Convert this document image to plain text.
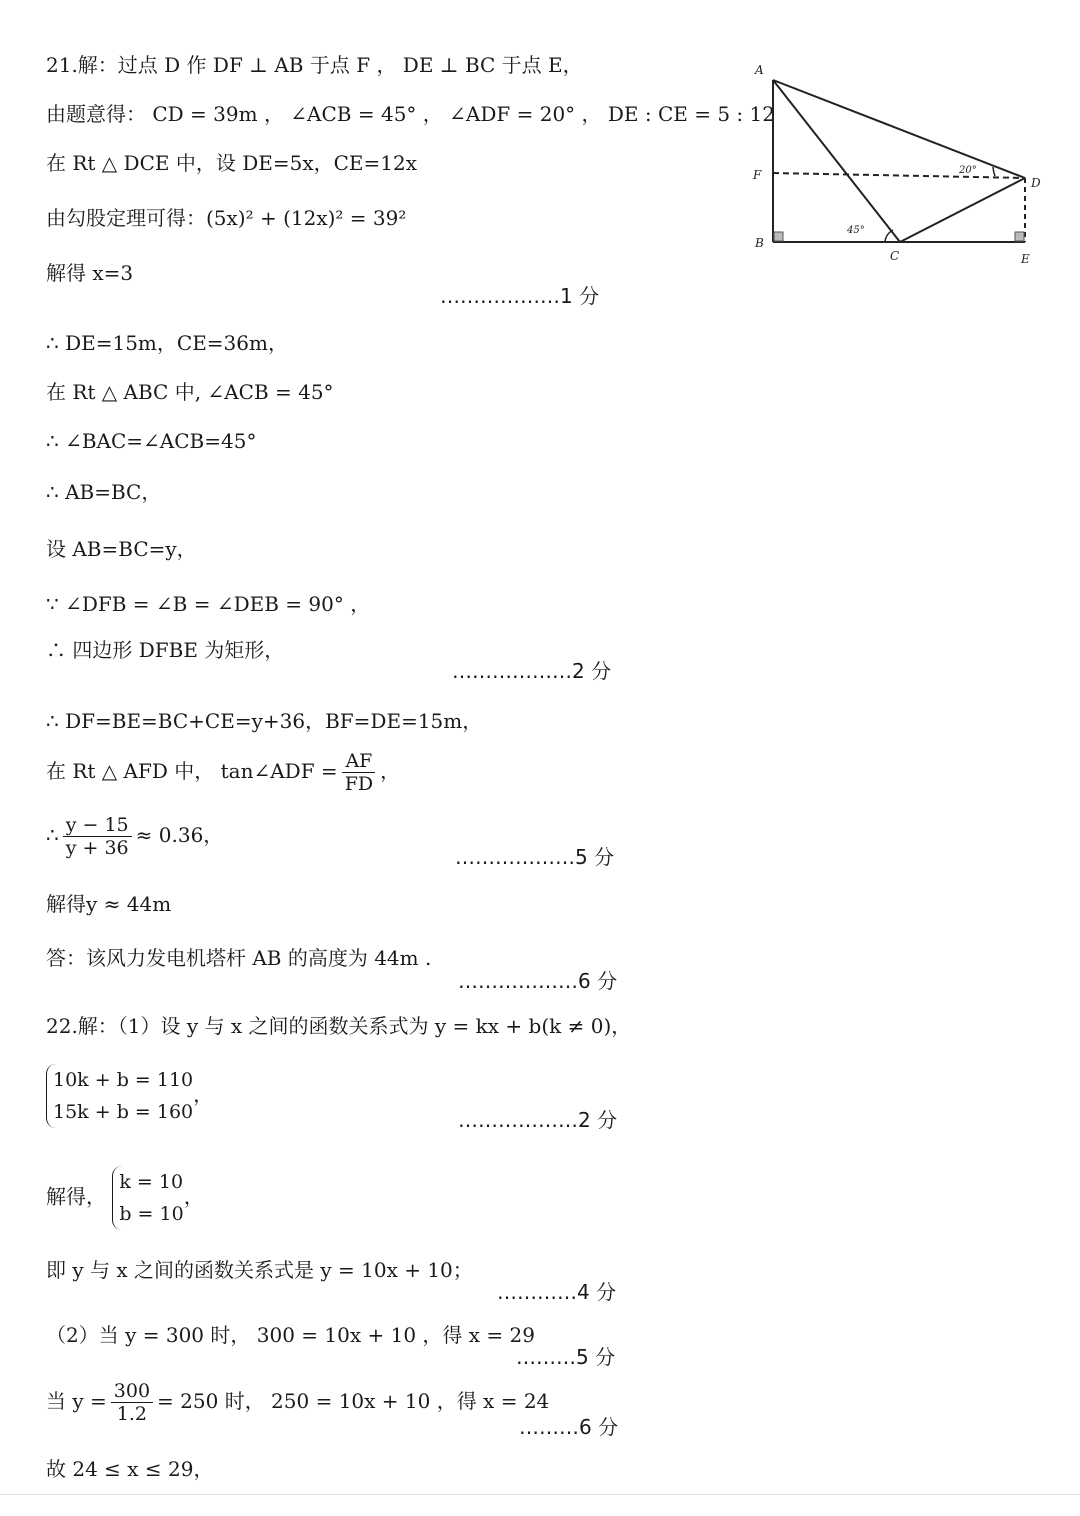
21.解：过点 D 作 DF ⊥ AB 于点 F ， DE ⊥ BC 于点 E，
由题意得： CD = 39m ， ∠ACB = 45° ， ∠ADF = 20° ， DE : CE = 5 : 12
在 Rt △ DCE 中，设 DE=5x，CE=12x
由勾股定理可得：(5x)² + (12x)² = 39²
解得 x=3
………………1 分
∴ DE=15m，CE=36m，
在 Rt △ ABC 中, ∠ACB = 45°
∴ ∠BAC=∠ACB=45°
∴ AB=BC，
设 AB=BC=y，
∵ ∠DFB = ∠B = ∠DEB = 90° ，
∴ 四边形 DFBE 为矩形，
………………2 分
∴ DF=BE=BC+CE=y+36，BF=DE=15m，
在 Rt △ AFD 中， tan∠ADF = $\frac{AF}{FD}$ ，
∴ $\frac{y - 15}{y + 36} \approx 0.36$，
………………5 分
解得y ≈ 44m
答：该风力发电机塔杆 AB 的高度为 44m .
………………6 分
22.解：（1）设 y 与 x 之间的函数关系式为 y = kx + b(k ≠ 0)，
10k + b = 110
15k + b = 160
，
………………2 分
解得，
k = 10
b = 10
，
即 y 与 x 之间的函数关系式是 y = 10x + 10；
…………4 分
（2）当 y = 300 时， 300 = 10x + 10 ，得 x = 29
………5 分
当 $y = \frac{300}{1.2} = 250$ 时， 250 = 10x + 10 ，得 x = 24
………6 分
故 24 ≤ x ≤ 29，
A
F
B
C
D
E
20°
45°
